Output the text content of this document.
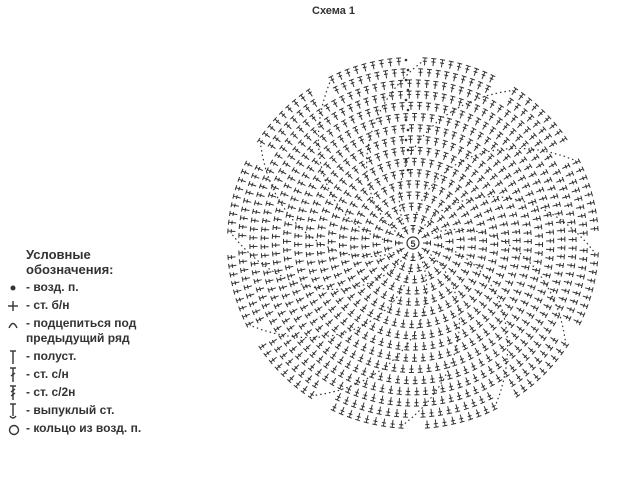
Схема 1
5
Условные
обозначения:
- возд. п.
- ст. б/н
- подцепиться под
предыдущий ряд
- полуст.
- ст. с/н
- ст. с/2н
- выпуклый ст.
- кольцо из возд. п.
